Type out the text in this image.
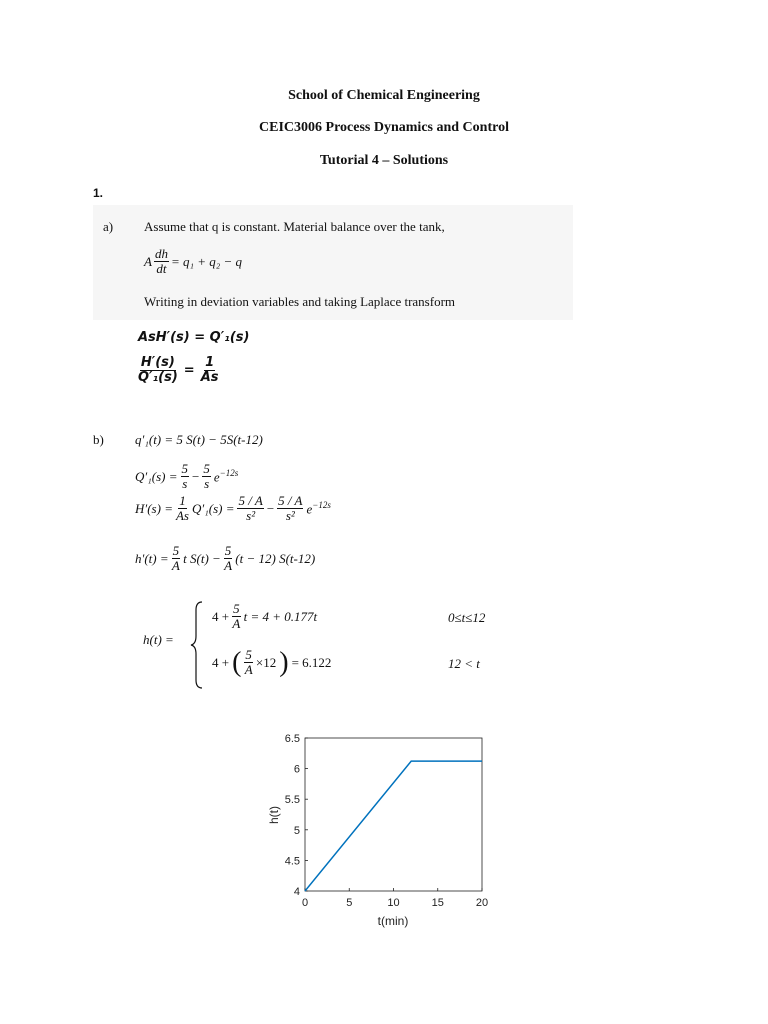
School of Chemical Engineering
CEIC3006 Process Dynamics and Control
Tutorial 4 – Solutions
1.
a) Assume that q is constant. Material balance over the tank,
A $\frac{dh}{dt} = q_1 + q_2 - q$
Writing in deviation variables and taking Laplace transform
AsH′(s) = Q′₁(s)
$\frac{H'(s)}{\text{Q′₁(s)}} = \frac{1}{As}$
b) q′₁(t) = 5 S(t) − 5S(t-12)
$Q'_1(s) = \frac{5}{s} - \frac{5}{s} e^{-12s}$
$H'(s) = \frac{1}{As} Q'_1(s) = \frac{5 / A}{\text{s²}} - \frac{5 / A}{\text{s²}} e^{-12s}$
$h'(t) = \frac{5}{A}$ t $S(t) - \frac{5}{A} (t - 12)$ S(t-12)
h(t) =
$4 + \frac{5}{A}$ t = 4 + 0.177t	0≤t≤12
4 + ( $\frac{5}{A} \times 12$ ) = 6.122	12 < t
0	5	10	15	20
4
4.5
5
5.5
6
6.5
t(min)
h(t)
